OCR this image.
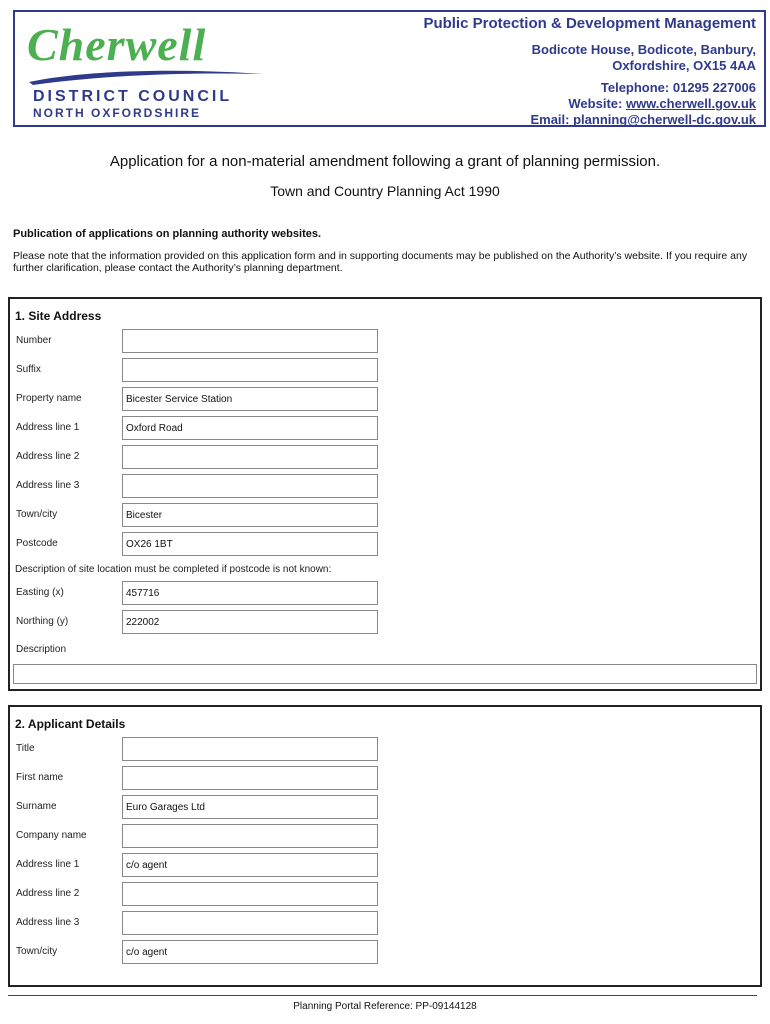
Cherwell
DISTRICT COUNCIL
NORTH OXFORDSHIRE
Public Protection & Development Management
Bodicote House, Bodicote, Banbury,
Oxfordshire, OX15 4AA
Telephone: 01295 227006
Website: www.cherwell.gov.uk
Email: planning@cherwell-dc.gov.uk
Application for a non-material amendment following a grant of planning permission.
Town and Country Planning Act 1990
Publication of applications on planning authority websites.
Please note that the information provided on this application form and in supporting documents may be published on the Authority’s website. If you require any further clarification, please contact the Authority’s planning department.
1. Site Address
Number
Suffix
Property name	Bicester Service Station
Address line 1	Oxford Road
Address line 2
Address line 3
Town/city	Bicester
Postcode	OX26 1BT
Description of site location must be completed if postcode is not known:
Easting (x)	457716
Northing (y)	222002
Description
2. Applicant Details
Title
First name
Surname	Euro Garages Ltd
Company name
Address line 1	c/o agent
Address line 2
Address line 3
Town/city	c/o agent
Planning Portal Reference: PP-09144128
